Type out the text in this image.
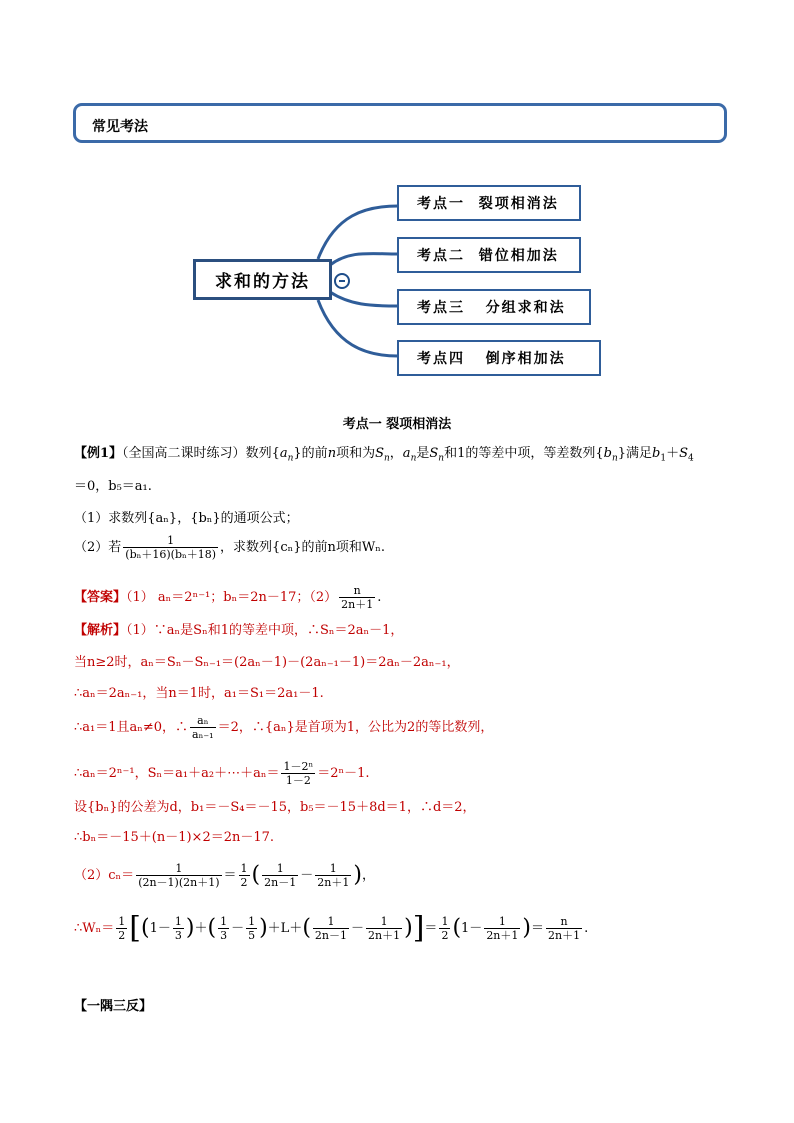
常见考法
求和的方法
考点一  裂项相消法
考点二  错位相加法
考点三   分组求和法
考点四   倒序相加法
考点一 裂项相消法
【例1】（全国高二课时练习）数列$\{a_n\}$的前n项和为$S_n$，$a_n$是$S_n$和1的等差中项，等差数列$\{b_n\}$满足$b_1+S_4$
＝0，b₅＝a₁.
（1）求数列{aₙ}，{bₙ}的通项公式；
（2）若 $\frac{1}{\text{(bₙ＋16)(bₙ＋18)}}$ ，求数列{cₙ}的前n项和Wₙ.
【答案】（1） aₙ＝2ⁿ⁻¹；bₙ＝2n－17；$(2) \frac{n}{2n+1}$ .
【解析】（1）∵aₙ是Sₙ和1的等差中项，∴Sₙ＝2aₙ－1，
当n≥2时，aₙ＝Sₙ－Sₙ₋₁＝(2aₙ－1)－(2aₙ₋₁－1)＝2aₙ－2aₙ₋₁，
∴aₙ＝2aₙ₋₁，当n＝1时，a₁＝S₁＝2a₁－1.
∴a₁＝1且aₙ≠0，∴ $\frac{\text{aₙ}}{\text{aₙ₋₁}} =2$，∴{aₙ}是首项为1，公比为2的等比数列，
∴aₙ＝2ⁿ⁻¹，Sₙ＝a₁＋a₂＋⋯＋aₙ＝ $\frac{\text{1－2ⁿ}}{1-2} =2^n-1$.
设{bₙ}的公差为d，b₁＝－S₄＝－15，b₅＝－15＋8d＝1，∴d＝2，
∴bₙ＝－15＋(n－1)×2＝2n－17.
$(2)c_n= \frac{1}{(2n-1)(2n+1)} = \frac{1}{2}$ ( $\frac{1}{2n-1} - \frac{1}{2n+1}$ )，
∴Wₙ＝ $\frac{1}{2} [(1- \frac{1}{3}$ )＋( $\frac{1}{3} - \frac{1}{5} )+L+( \frac{1}{2n-1} - \frac{1}{2n+1}$ )]＝ $\frac{1}{2} (1- \frac{1}{2n+1}$ )＝ $\frac{n}{2n+1}$ .
【一隅三反】
